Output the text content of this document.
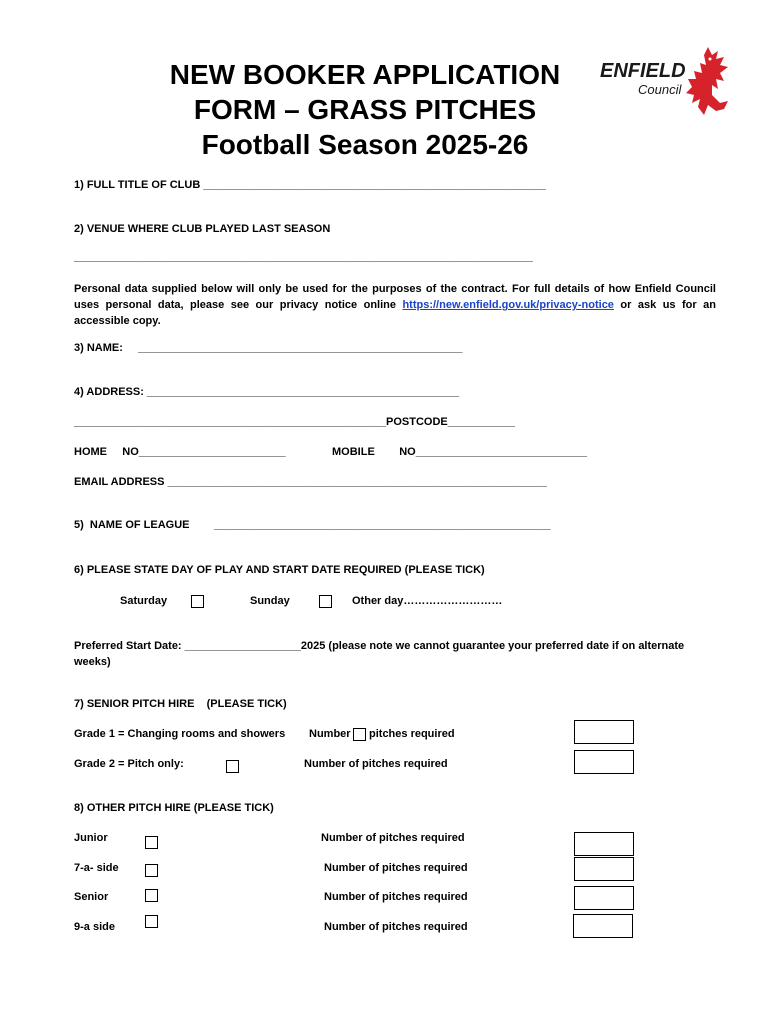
NEW BOOKER APPLICATION
FORM – GRASS PITCHES
Football Season 2025-26
ENFIELD
Council
1) FULL TITLE OF CLUB ________________________________________________________
2) VENUE WHERE CLUB PLAYED LAST SEASON
___________________________________________________________________________
Personal data supplied below will only be used for the purposes of the contract. For full details of how Enfield Council uses personal data, please see our privacy notice online https://new.enfield.gov.uk/privacy-notice or ask us for an accessible copy.
3) NAME:     _____________________________________________________
4) ADDRESS: ___________________________________________________
___________________________________________________POSTCODE___________
HOME     NO________________________	MOBILE        NO____________________________
EMAIL ADDRESS ______________________________________________________________
5)  NAME OF LEAGUE _______________________________________________________
6) PLEASE STATE DAY OF PLAY AND START DATE REQUIRED (PLEASE TICK)
Saturday	Sunday	Other day………………………
Preferred Start Date: ___________________2025 (please note we cannot guarantee your preferred date if on alternate weeks)
7) SENIOR PITCH HIRE    (PLEASE TICK)
Grade 1 = Changing rooms and showers Number pitches required
Grade 2 = Pitch only:	Number of pitches required
8) OTHER PITCH HIRE (PLEASE TICK)
Junior	Number of pitches required
7-a- side	Number of pitches required
Senior	Number of pitches required
9-a side	Number of pitches required
